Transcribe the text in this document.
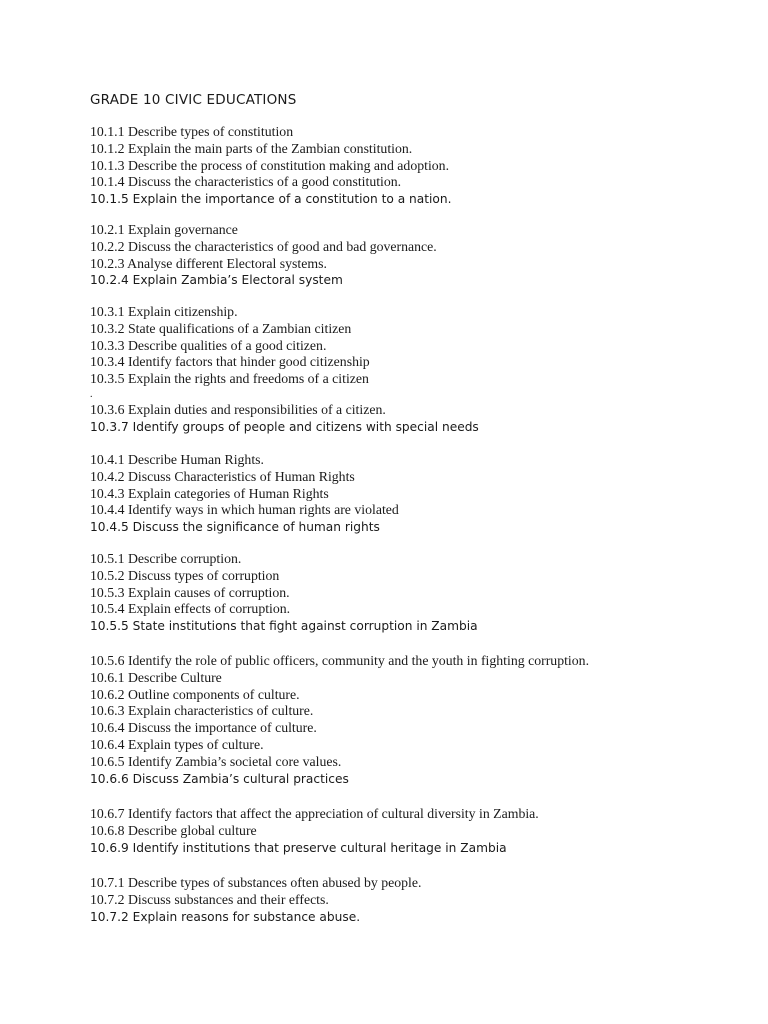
GRADE 10 CIVIC EDUCATIONS
10.1.1 Describe types of constitution
10.1.2 Explain the main parts of the Zambian constitution.
10.1.3 Describe the process of constitution making and adoption.
10.1.4 Discuss the characteristics of a good constitution.
10.1.5 Explain the importance of a constitution to a nation.
10.2.1 Explain governance
10.2.2 Discuss the characteristics of good and bad governance.
10.2.3 Analyse different Electoral systems.
10.2.4 Explain Zambia’s Electoral system
10.3.1 Explain citizenship.
10.3.2 State qualifications of a Zambian citizen
10.3.3 Describe qualities of a good citizen.
10.3.4 Identify factors that hinder good citizenship
10.3.5 Explain the rights and freedoms of a citizen
.
10.3.6 Explain duties and responsibilities of a citizen.
10.3.7 Identify groups of people and citizens with special needs
10.4.1 Describe Human Rights.
10.4.2 Discuss Characteristics of Human Rights
10.4.3 Explain categories of Human Rights
10.4.4 Identify ways in which human rights are violated
10.4.5 Discuss the significance of human rights
10.5.1 Describe corruption.
10.5.2 Discuss types of corruption
10.5.3 Explain causes of corruption.
10.5.4 Explain effects of corruption.
10.5.5 State institutions that fight against corruption in Zambia
10.5.6 Identify the role of public officers, community and the youth in fighting corruption.
10.6.1 Describe Culture
10.6.2 Outline components of culture.
10.6.3 Explain characteristics of culture.
10.6.4 Discuss the importance of culture.
10.6.4 Explain types of culture.
10.6.5 Identify Zambia’s societal core values.
10.6.6 Discuss Zambia’s cultural practices
10.6.7 Identify factors that affect the appreciation of cultural diversity in Zambia.
10.6.8 Describe global culture
10.6.9 Identify institutions that preserve cultural heritage in Zambia
10.7.1 Describe types of substances often abused by people.
10.7.2 Discuss substances and their effects.
10.7.2 Explain reasons for substance abuse.
